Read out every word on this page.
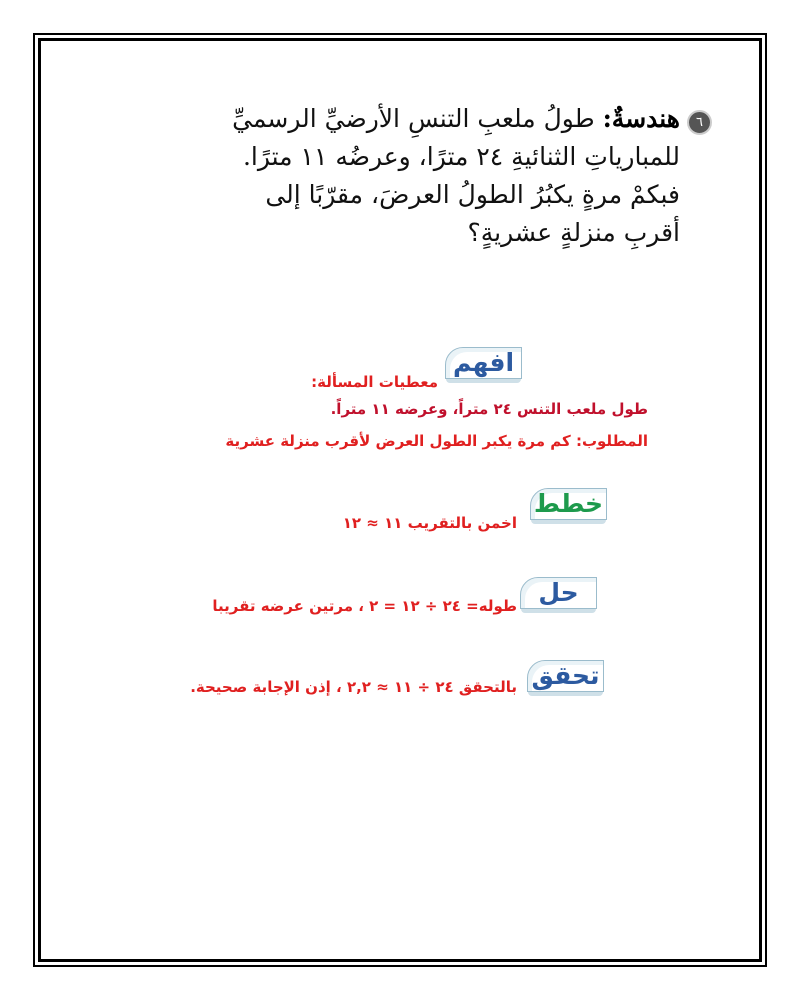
٦
هندسةٌ: طولُ ملعبِ التنسِ الأرضيِّ الرسميِّ
للمبارياتِ الثنائيةِ ٢٤ مترًا، وعرضُه ١١ مترًا.
فبكمْ مرةٍ يكبُرُ الطولُ العرضَ، مقرّبًا إلى
أقربِ منزلةٍ عشريةٍ؟
افهم
معطيات المسألة:
طول ملعب التنس ٢٤ متراً، وعرضه ١١ متراً.
المطلوب: كم مرة يكبر الطول العرض لأقرب منزلة عشرية
خطط
اخمن بالتقريب ١١ ≈ ١٢
حل
طوله= ٢٤ ÷ ١٢ = ٢ ، مرتين عرضه تقريبا
تحقق
بالتحقق ٢٤ ÷ ١١ ≈ ٢,٢ ، إذن الإجابة صحيحة.
